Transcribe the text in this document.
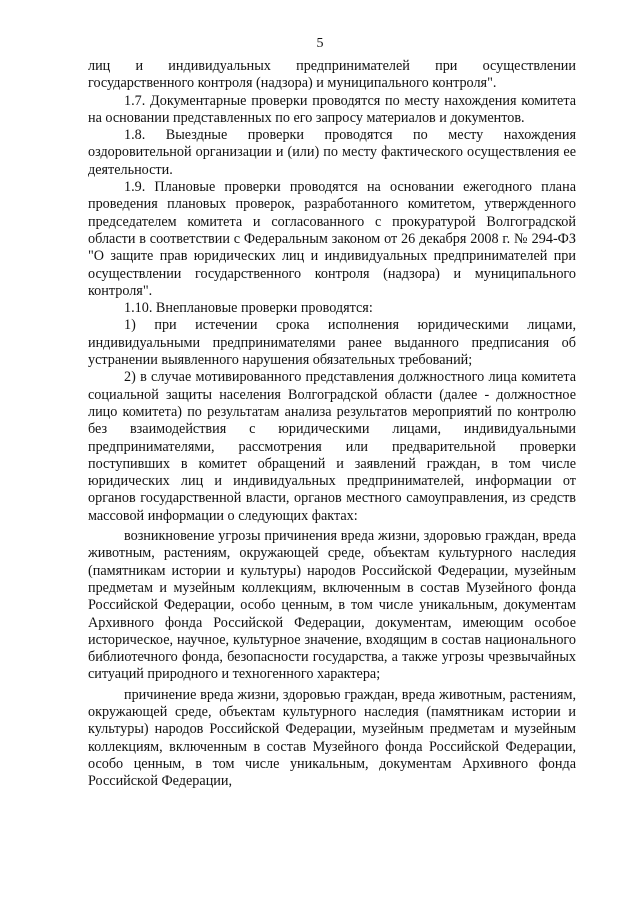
5

лиц и индивидуальных предпринимателей при осуществлении государственного контроля (надзора) и муниципального контроля".

1.7. Документарные проверки проводятся по месту нахождения комитета на основании представленных по его запросу материалов и документов.

1.8. Выездные проверки проводятся по месту нахождения оздоровительной организации и (или) по месту фактического осуществления ее деятельности.

1.9. Плановые проверки проводятся на основании ежегодного плана проведения плановых проверок, разработанного комитетом, утвержденного председателем комитета и согласованного с прокуратурой Волгоградской области в соответствии с Федеральным законом от 26 декабря 2008 г. № 294-ФЗ "О защите прав юридических лиц и индивидуальных предпринимателей при осуществлении государственного контроля (надзора) и муниципального контроля".

1.10. Внеплановые проверки проводятся:

1) при истечении срока исполнения юридическими лицами, индивидуальными предпринимателями ранее выданного предписания об устранении выявленного нарушения обязательных требований;

2) в случае мотивированного представления должностного лица комитета социальной защиты населения Волгоградской области (далее - должностное лицо комитета) по результатам анализа результатов мероприятий по контролю без взаимодействия с юридическими лицами, индивидуальными предпринимателями, рассмотрения или предварительной проверки поступивших в комитет обращений и заявлений граждан, в том числе юридических лиц и индивидуальных предпринимателей, информации от органов государственной власти, органов местного самоуправления, из средств массовой информации о следующих фактах:

возникновение угрозы причинения вреда жизни, здоровью граждан, вреда животным, растениям, окружающей среде, объектам культурного наследия (памятникам истории и культуры) народов Российской Федерации, музейным предметам и музейным коллекциям, включенным в состав Музейного фонда Российской Федерации, особо ценным, в том числе уникальным, документам Архивного фонда Российской Федерации, документам, имеющим особое историческое, научное, культурное значение, входящим в состав национального библиотечного фонда, безопасности государства, а также угрозы чрезвычайных ситуаций природного и техногенного характера;

причинение вреда жизни, здоровью граждан, вреда животным, растениям, окружающей среде, объектам культурного наследия (памятникам истории и культуры) народов Российской Федерации, музейным предметам и музейным коллекциям, включенным в состав Музейного фонда Российской Федерации, особо ценным, в том числе уникальным, документам Архивного фонда Российской Федерации,
